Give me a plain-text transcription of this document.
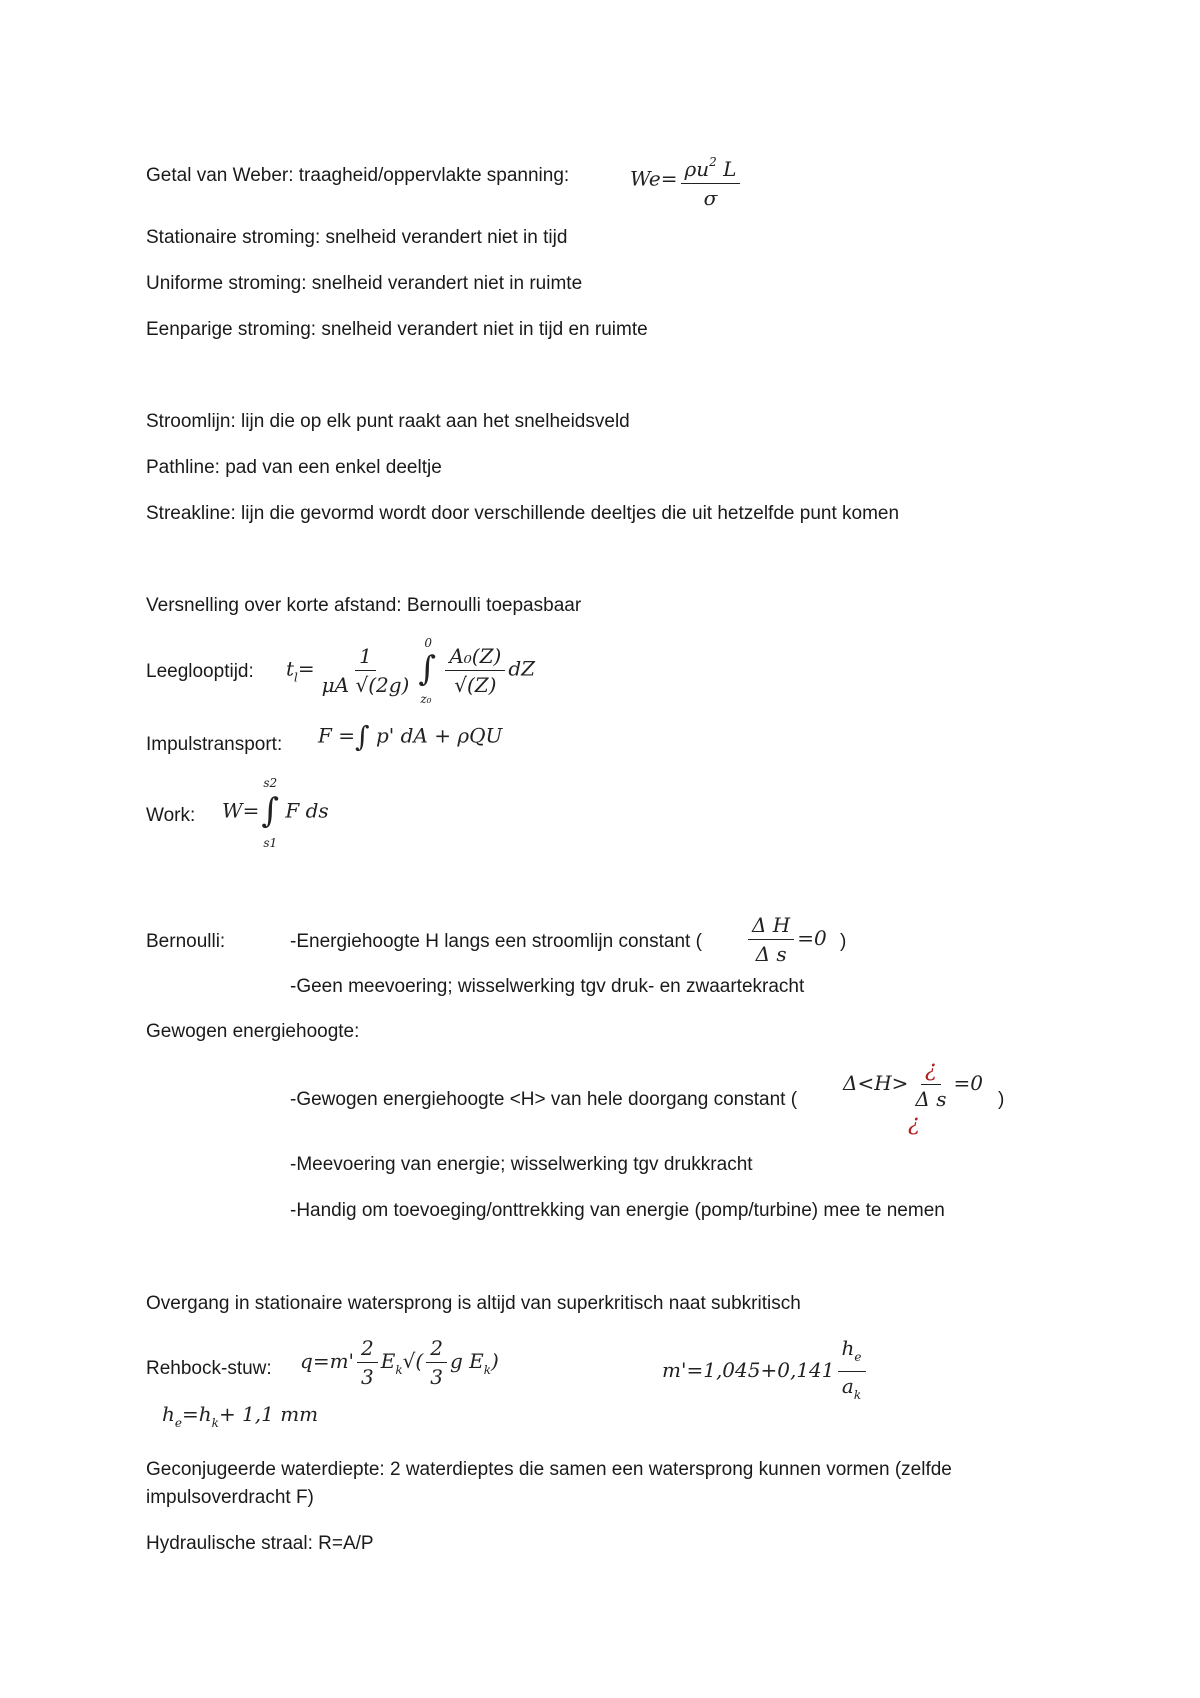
Getal van Weber: traagheid/oppervlakte spanning:	$We= \frac{\rho u^2 L}{\sigma}$
Stationaire stroming: snelheid verandert niet in tijd
Uniforme stroming: snelheid verandert niet in ruimte
Eenparige stroming: snelheid verandert niet in tijd en ruimte
Stroomlijn: lijn die op elk punt raakt aan het snelheidsveld
Pathline: pad van een enkel deeltje
Streakline: lijn die gevormd wordt door verschillende deeltjes die uit hetzelfde punt komen
Versnelling over korte afstand: Bernoulli toepasbaar
Leeglooptijd: $t_l= \frac{1}{\mu A √(2g)}$
0
∫
z₀
$\frac{\text{A₀(Z)}}{√(Z)}$ dZ
Impulstransport: F =∫ p' dA + ρQU
Work: W=
s2
∫
s1
F ds
Bernoulli:	-Energiehoogte H langs een stroomlijn constant ( $\frac{\text{Δ H}}{\text{Δ s}} =0$ )
-Geen meevoering; wisselwerking tgv druk- en zwaartekracht
Gewogen energiehoogte:
-Gewogen energiehoogte <H> van hele doorgang constant (
$\Delta<H> \frac{¿}{\text{Δ s}} =0$
¿
)
-Meevoering van energie; wisselwerking tgv drukkracht
-Handig om toevoeging/onttrekking van energie (pomp/turbine) mee te nemen
Overgang in stationaire watersprong is altijd van superkritisch naat subkritisch
Rehbock-stuw: $q=m' \frac{2}{3} E_k√( \frac{2}{3}$ g $E_k$)	$m'=1,045+0,141 \frac{h_e}{a_k}$
$h_e=h_k+ 1,1$ mm
Geconjugeerde waterdiepte: 2 waterdieptes die samen een watersprong kunnen vormen (zelfde
impulsoverdracht F)
Hydraulische straal: R=A/P
